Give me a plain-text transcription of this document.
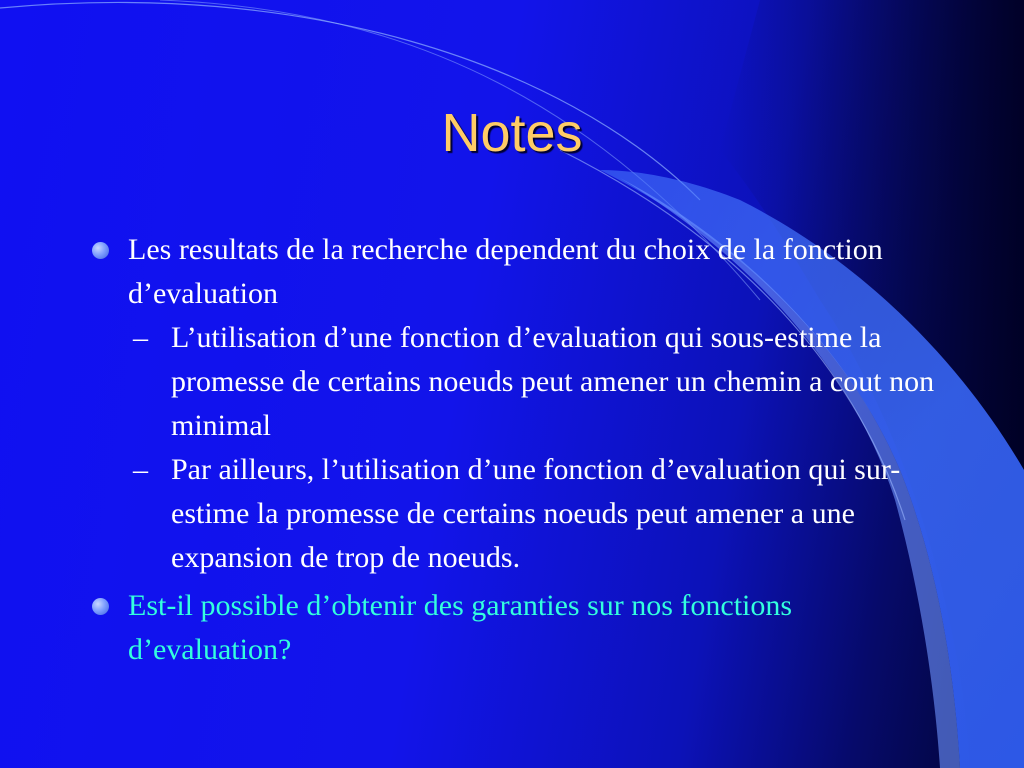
Notes
Les resultats de la recherche dependent du choix de la fonction d’evaluation
– L’utilisation d’une fonction d’evaluation qui sous-estime la promesse de certains noeuds peut amener un chemin a cout non minimal
– Par ailleurs, l’utilisation d’une fonction d’evaluation qui sur-estime la promesse de certains noeuds peut amener a une expansion de trop de noeuds.
Est-il possible d’obtenir des garanties sur nos fonctions d’evaluation?
